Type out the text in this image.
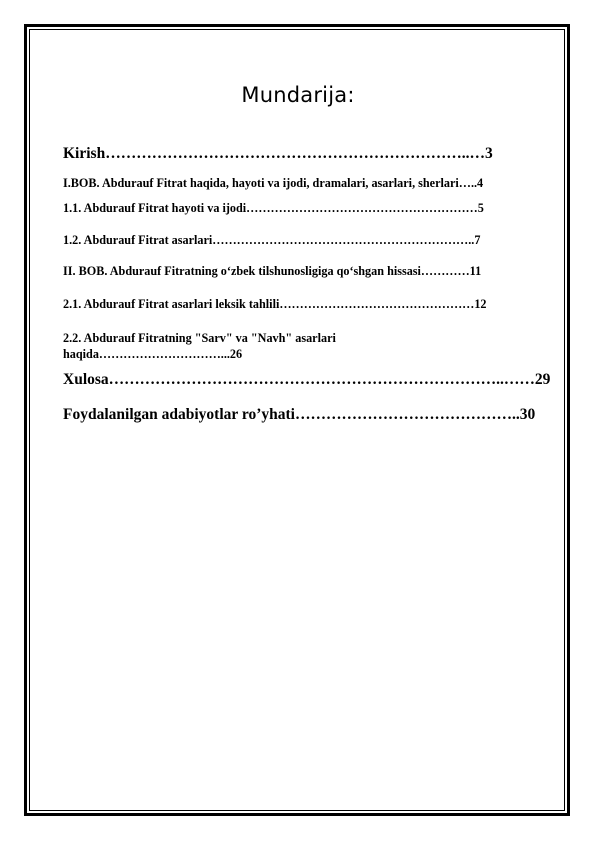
Mundarija:
Kirish……………………………………………………………..…3
I.BOB. Abdurauf Fitrat haqida, hayoti va ijodi, dramalari, asarlari, sherlari…..4
1.1. Abdurauf Fitrat hayoti va ijodi…………………………………………………5
1.2. Abdurauf Fitrat asarlari………………………………………………………..7
II. BOB. Abdurauf Fitratning o‘zbek tilshunosligiga qo‘shgan hissasi…………11
2.1. Abdurauf Fitrat asarlari leksik tahlili…………………………………………12
2.2. Abdurauf Fitratning "Sarv" va "Navh" asarlari haqida…………………………...26
Xulosa…………………………………………………………………..……29
Foydalanilgan adabiyotlar ro’yhati……………………………………..30
